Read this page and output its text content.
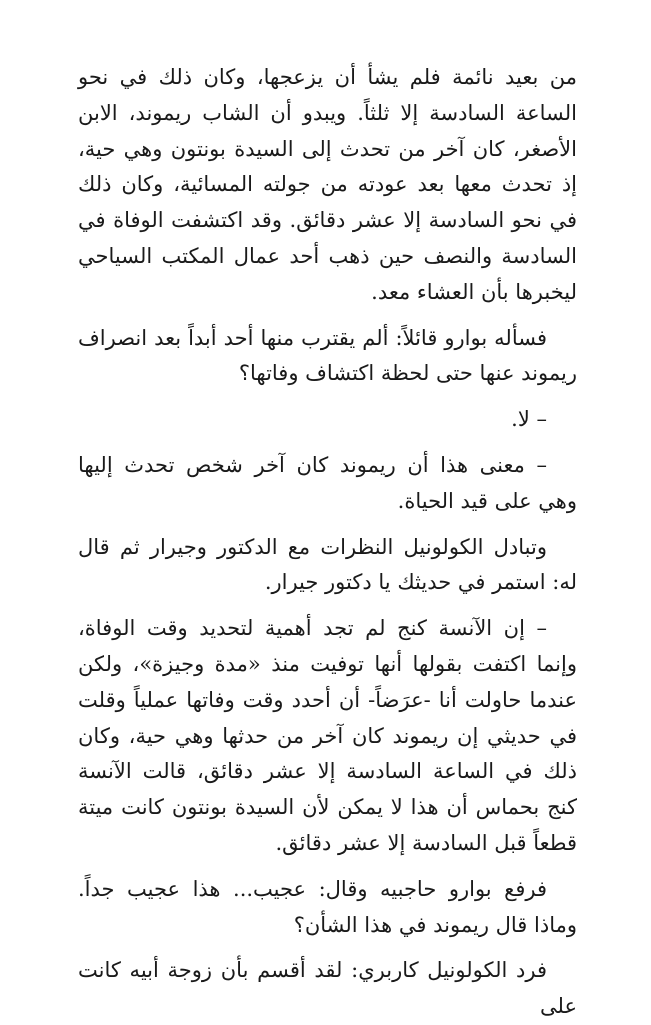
من بعيد نائمة فلم يشأ أن يزعجها، وكان ذلك في نحو الساعة السادسة إلا ثلثاً. ويبدو أن الشاب ريموند، الابن الأصغر، كان آخر من تحدث إلى السيدة بونتون وهي حية، إذ تحدث معها بعد عودته من جولته المسائية، وكان ذلك في نحو السادسة إلا عشر دقائق. وقد اكتشفت الوفاة في السادسة والنصف حين ذهب أحد عمال المكتب السياحي ليخبرها بأن العشاء معد.

فسأله بوارو قائلاً: ألم يقترب منها أحد أبداً بعد انصراف ريموند عنها حتى لحظة اكتشاف وفاتها؟

– لا.

– معنى هذا أن ريموند كان آخر شخص تحدث إليها وهي على قيد الحياة.

وتبادل الكولونيل النظرات مع الدكتور وجيرار ثم قال له: استمر في حديثك يا دكتور جيرار.

– إن الآنسة كنج لم تجد أهمية لتحديد وقت الوفاة، وإنما اكتفت بقولها أنها توفيت منذ «مدة وجيزة»، ولكن عندما حاولت أنا -عرَضاً- أن أحدد وقت وفاتها عملياً وقلت في حديثي إن ريموند كان آخر من حدثها وهي حية، وكان ذلك في الساعة السادسة إلا عشر دقائق، قالت الآنسة كنج بحماس أن هذا لا يمكن لأن السيدة بونتون كانت ميتة قطعاً قبل السادسة إلا عشر دقائق.

فرفع بوارو حاجبيه وقال: عجيب... هذا عجيب جداً. وماذا قال ريموند في هذا الشأن؟

فرد الكولونيل كاربري: لقد أقسم بأن زوجة أبيه كانت على
